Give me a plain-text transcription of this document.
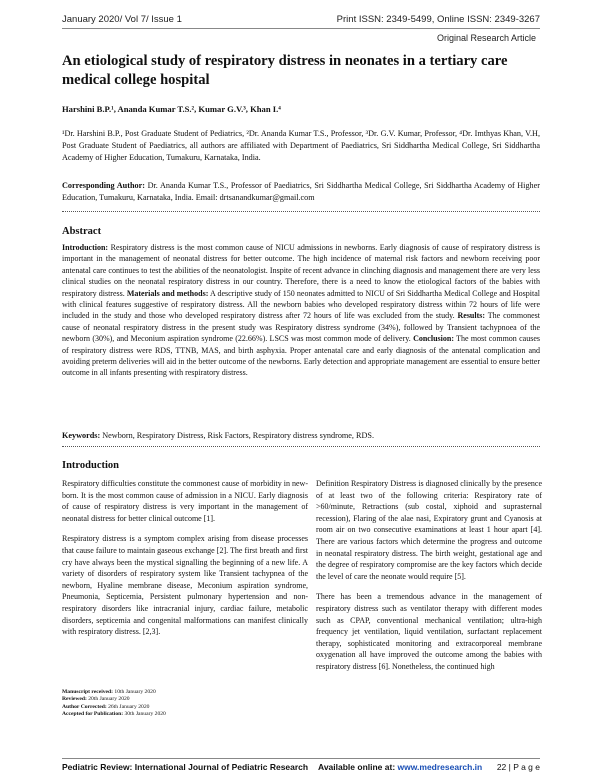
January 2020/ Vol 7/ Issue 1	Print ISSN: 2349-5499, Online ISSN: 2349-3267
Original Research Article
An etiological study of respiratory distress in neonates in a tertiary care medical college hospital
Harshini B.P.¹, Ananda Kumar T.S.², Kumar G.V.³, Khan I.⁴
¹Dr. Harshini B.P., Post Graduate Student of Pediatrics, ²Dr. Ananda Kumar T.S., Professor, ³Dr. G.V. Kumar, Professor, ⁴Dr. Imthyas Khan, V.H, Post Graduate Student of Paediatrics, all authors are affiliated with Department of Paediatrics, Sri Siddhartha Medical College, Sri Siddhartha Academy of Higher Education, Tumakuru, Karnataka, India.
Corresponding Author: Dr. Ananda Kumar T.S., Professor of Paediatrics, Sri Siddhartha Medical College, Sri Siddhartha Academy of Higher Education, Tumakuru, Karnataka, India. Email: drtsanandkumar@gmail.com
Abstract
Introduction: Respiratory distress is the most common cause of NICU admissions in newborns. Early diagnosis of cause of respiratory distress is important in the management of neonatal distress for better outcome. The high incidence of maternal risk factors and newborn receiving poor antenatal care continues to test the abilities of the neonatologist. Inspite of recent advance in clinching diagnosis and management there are very less clinical studies on the neonatal respiratory distress in our country. Therefore, there is a need to know the etiological factors of the babies with respiratory distress. Materials and methods: A descriptive study of 150 neonates admitted to NICU of Sri Siddhartha Medical College and Hospital with clinical features suggestive of respiratory distress. All the newborn babies who developed respiratory distress within 72 hours of life were included in the study and those who developed respiratory distress after 72 hours of life was excluded from the study. Results: The commonest cause of neonatal respiratory distress in the present study was Respiratory distress syndrome (34%), followed by Transient tachypnoea of the newborn (30%), and Meconium aspiration syndrome (22.66%). LSCS was most common mode of delivery. Conclusion: The most common causes of respiratory distress were RDS, TTNB, MAS, and birth asphyxia. Proper antenatal care and early diagnosis of the antenatal complication and avoiding preterm deliveries will aid in the better outcome of the newborns. Early detection and appropriate management are essential to ensure better outcome in all infants presenting with respiratory distress.
Keywords: Newborn, Respiratory Distress, Risk Factors, Respiratory distress syndrome, RDS.
Introduction

Respiratory difficulties constitute the commonest cause of morbidity in new-born. It is the most common cause of admission in a NICU. Early diagnosis of cause of respiratory distress is very important in the management of neonatal distress for better clinical outcome [1].

Respiratory distress is a symptom complex arising from disease processes that cause failure to maintain gaseous exchange [2]. The first breath and first cry have always been the mystical signalling the beginning of a new life. A variety of disorders of respiratory system like Transient tachypnea of the newborn, Hyaline membrane disease, Meconium aspiration syndrome, Pneumonia, Septicemia, Persistent pulmonary hypertension and non-respiratory disorders like intracranial injury, cardiac failure, metabolic disorders, septicemia and congenital malformations can manifest clinically with respiratory distress. [2,3].

Definition Respiratory Distress is diagnosed clinically by the presence of at least two of the following criteria: Respiratory rate of >60/minute, Retractions (sub costal, xiphoid and suprasternal recession), Flaring of the alae nasi, Expiratory grunt and Cyanosis at room air on two consecutive examinations at least 1 hour apart [4]. There are various factors which determine the progress and outcome in neonatal respiratory distress. The birth weight, gestational age and the degree of respiratory compromise are the key factors which decide the level of care the neonate would require [5].

There has been a tremendous advance in the management of respiratory distress such as ventilator therapy with different modes such as CPAP, conventional mechanical ventilation; ultra-high frequency jet ventilation, liquid ventilation, surfactant replacement therapy, sophisticated monitoring and extracorporeal membrane oxygenation all have improved the outcome among the babies with respiratory distress [6]. Nonetheless, the continued high

Manuscript received: 10th January 2020
Reviewed: 20th January 2020
Author Corrected: 26th January 2020
Accepted for Publication: 30th January 2020
Pediatric Review: International Journal of Pediatric Research Available online at: www.medresearch.in 22 | P a g e
